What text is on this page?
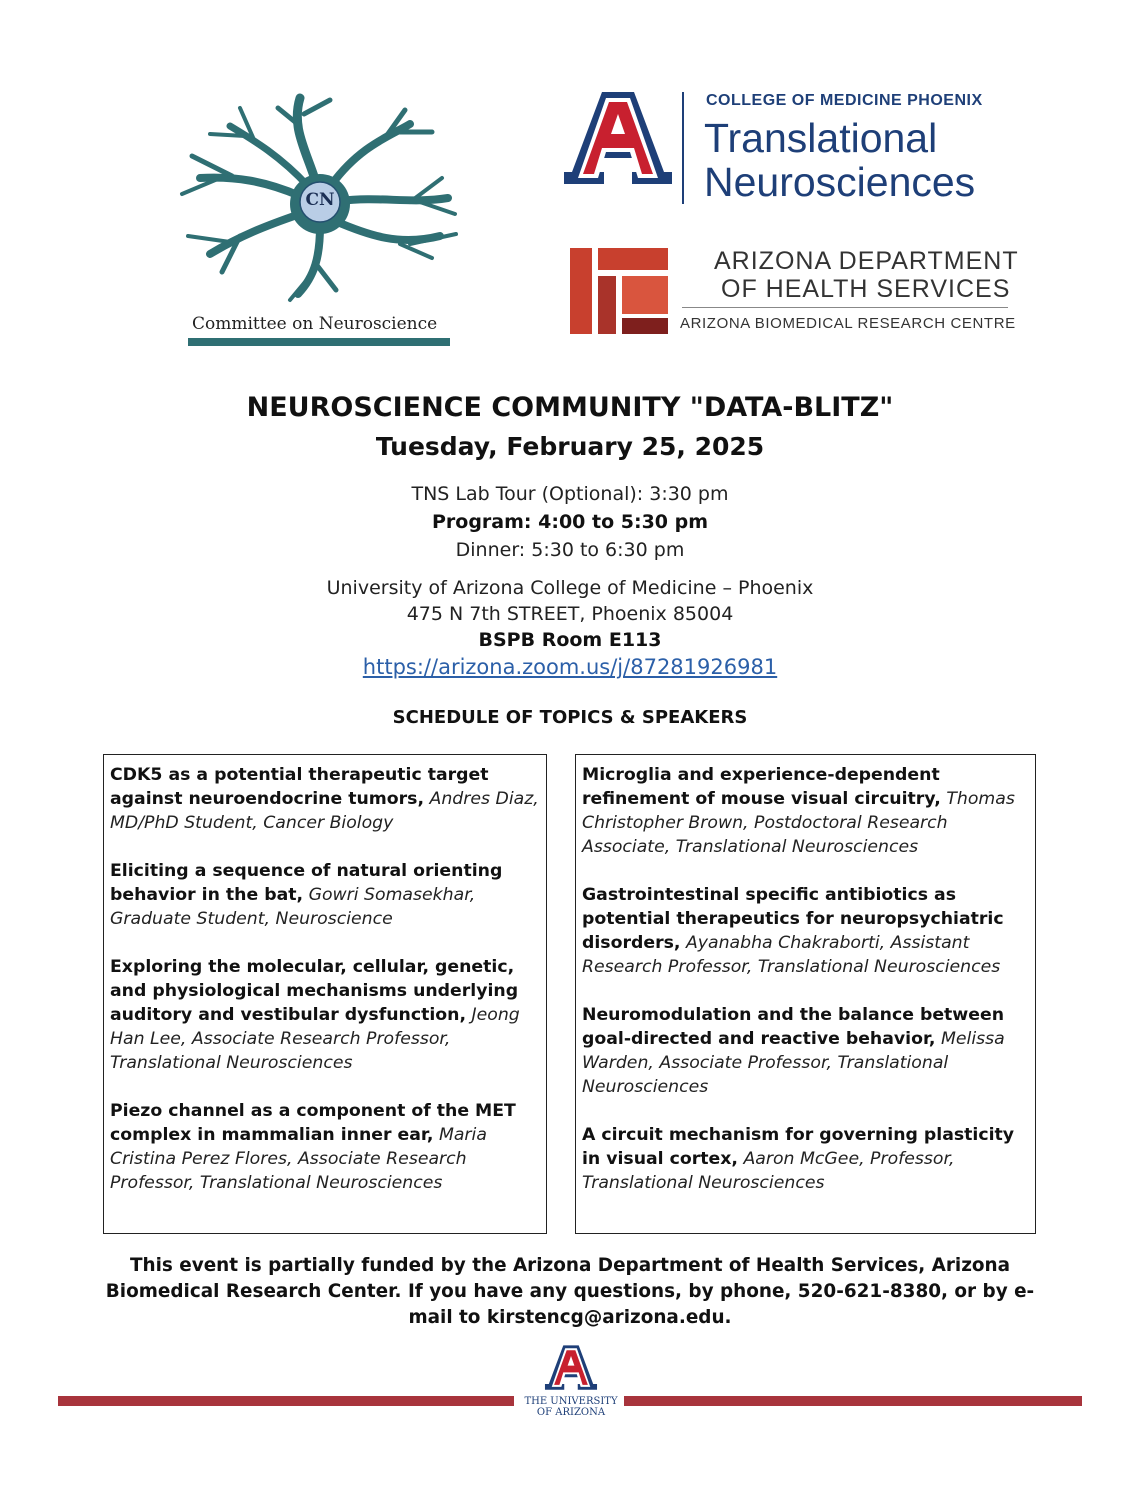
CN
Committee on Neuroscience
COLLEGE OF MEDICINE PHOENIX
Translational
Neurosciences
ARIZONA DEPARTMENT
OF HEALTH SERVICES
ARIZONA BIOMEDICAL RESEARCH CENTRE
NEUROSCIENCE COMMUNITY "DATA-BLITZ"
Tuesday, February 25, 2025
TNS Lab Tour (Optional): 3:30 pm
Program: 4:00 to 5:30 pm
Dinner: 5:30 to 6:30 pm
University of Arizona College of Medicine – Phoenix
475 N 7th STREET, Phoenix 85004
BSPB Room E113
https://arizona.zoom.us/j/87281926981
SCHEDULE OF TOPICS & SPEAKERS

CDK5 as a potential therapeutic target against neuroendocrine tumors, Andres Diaz, MD/PhD Student, Cancer Biology

Eliciting a sequence of natural orienting behavior in the bat, Gowri Somasekhar, Graduate Student, Neuroscience

Exploring the molecular, cellular, genetic, and physiological mechanisms underlying auditory and vestibular dysfunction, Jeong Han Lee, Associate Research Professor, Translational Neurosciences

Piezo channel as a component of the MET complex in mammalian inner ear, Maria Cristina Perez Flores, Associate Research Professor, Translational Neurosciences

Microglia and experience-dependent refinement of mouse visual circuitry, Thomas Christopher Brown, Postdoctoral Research Associate, Translational Neurosciences

Gastrointestinal specific antibiotics as potential therapeutics for neuropsychiatric disorders, Ayanabha Chakraborti, Assistant Research Professor, Translational Neurosciences

Neuromodulation and the balance between goal-directed and reactive behavior, Melissa Warden, Associate Professor, Translational Neurosciences

A circuit mechanism for governing plasticity in visual cortex, Aaron McGee, Professor, Translational Neurosciences

This event is partially funded by the Arizona Department of Health Services, Arizona Biomedical Research Center. If you have any questions, by phone, 520-621-8380, or by e-mail to kirstencg@arizona.edu.
THE UNIVERSITY
OF ARIZONA
